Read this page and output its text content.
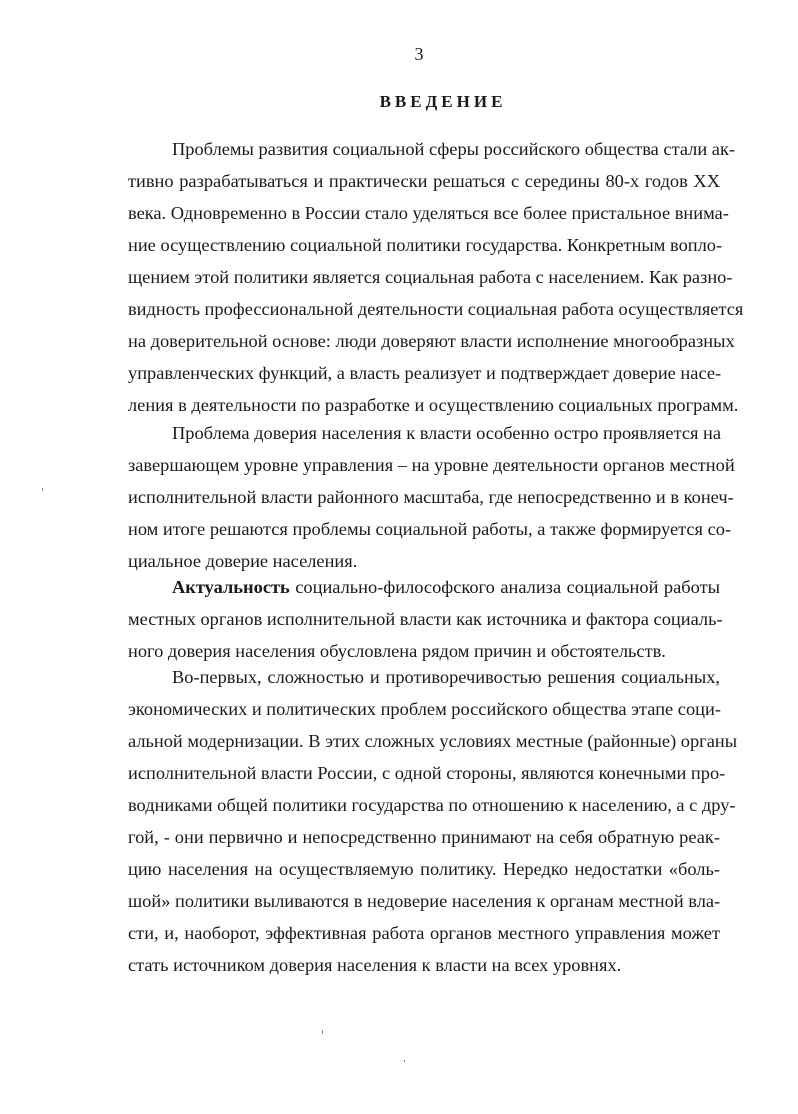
3
ВВЕДЕНИЕ
Проблемы развития социальной сферы российского общества стали ак-
тивно разрабатываться и практически решаться с середины 80-х годов XX
века. Одновременно в России стало уделяться все более пристальное внима-
ние осуществлению социальной политики государства. Конкретным вопло-
щением этой политики является социальная работа с населением. Как разно-
видность профессиональной деятельности социальная работа осуществляется
на доверительной основе: люди доверяют власти исполнение многообразных
управленческих функций, а власть реализует и подтверждает доверие насе-
ления в деятельности по разработке и осуществлению социальных программ.
Проблема доверия населения к власти особенно остро проявляется на
завершающем уровне управления – на уровне деятельности органов местной
исполнительной власти районного масштаба, где непосредственно и в конеч-
ном итоге решаются проблемы социальной работы, а также формируется со-
циальное доверие населения.
Актуальность социально-философского анализа социальной работы
местных органов исполнительной власти как источника и фактора социаль-
ного доверия населения обусловлена рядом причин и обстоятельств.
Во-первых, сложностью и противоречивостью решения социальных,
экономических и политических проблем российского общества этапе соци-
альной модернизации. В этих сложных условиях местные (районные) органы
исполнительной власти России, с одной стороны, являются конечными про-
водниками общей политики государства по отношению к населению, а с дру-
гой, - они первично и непосредственно принимают на себя обратную реак-
цию населения на осуществляемую политику. Нередко недостатки «боль-
шой» политики выливаются в недоверие населения к органам местной вла-
сти, и, наоборот, эффективная работа органов местного управления может
стать источником доверия населения к власти на всех уровнях.
